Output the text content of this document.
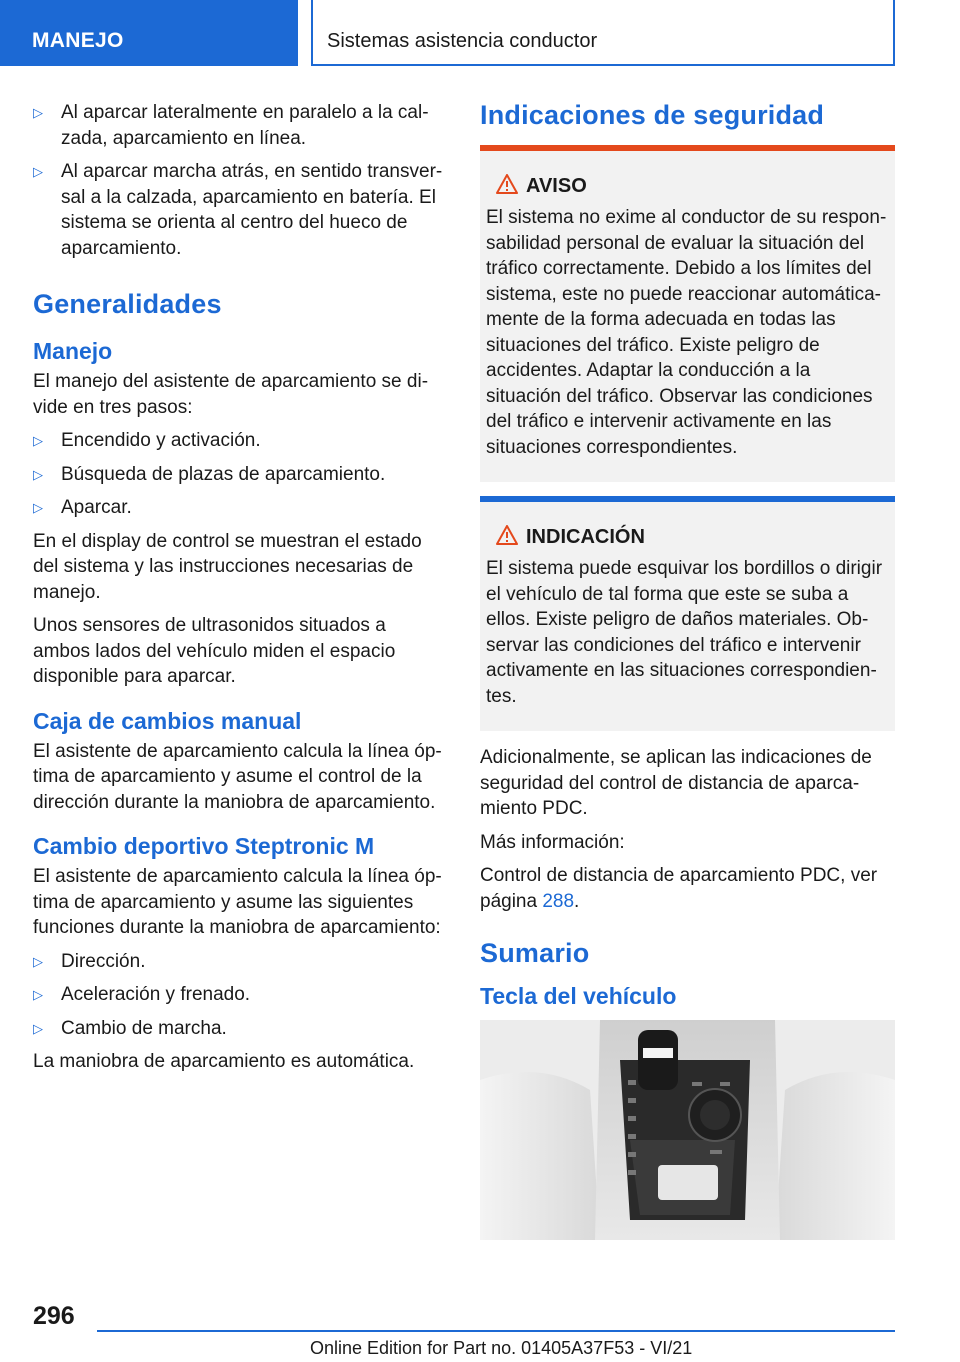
MANEJO	Sistemas asistencia conductor
▷ Al aparcar lateralmente en paralelo a la calzada, aparcamiento en línea.
▷ Al aparcar marcha atrás, en sentido transversal a la calzada, aparcamiento en batería. El sistema se orienta al centro del hueco de aparcamiento.
Generalidades
Manejo

El manejo del asistente de aparcamiento se divide en tres pasos:

▷ Encendido y activación.
▷ Búsqueda de plazas de aparcamiento.
▷ Aparcar.

En el display de control se muestran el estado del sistema y las instrucciones necesarias de manejo.

Unos sensores de ultrasonidos situados a ambos lados del vehículo miden el espacio disponible para aparcar.

Caja de cambios manual

El asistente de aparcamiento calcula la línea óptima de aparcamiento y asume el control de la dirección durante la maniobra de aparcamiento.

Cambio deportivo Steptronic M

El asistente de aparcamiento calcula la línea óptima de aparcamiento y asume las siguientes funciones durante la maniobra de aparcamiento:

▷ Dirección.
▷ Aceleración y frenado.
▷ Cambio de marcha.

La maniobra de aparcamiento es automática.

Indicaciones de seguridad
AVISO

El sistema no exime al conductor de su responsabilidad personal de evaluar la situación del tráfico correctamente. Debido a los límites del sistema, este no puede reaccionar automáticamente de la forma adecuada en todas las situaciones del tráfico. Existe peligro de accidentes. Adaptar la conducción a la situación del tráfico. Observar las condiciones del tráfico e intervenir activamente en las situaciones correspondientes.

INDICACIÓN

El sistema puede esquivar los bordillos o dirigir el vehículo de tal forma que este se suba a ellos. Existe peligro de daños materiales. Observar las condiciones del tráfico e intervenir activamente en las situaciones correspondientes.

Adicionalmente, se aplican las indicaciones de seguridad del control de distancia de aparcamiento PDC.

Más información:

Control de distancia de aparcamiento PDC, ver página 288.

Sumario
Tecla del vehículo
296
Online Edition for Part no. 01405A37F53 - VI/21
